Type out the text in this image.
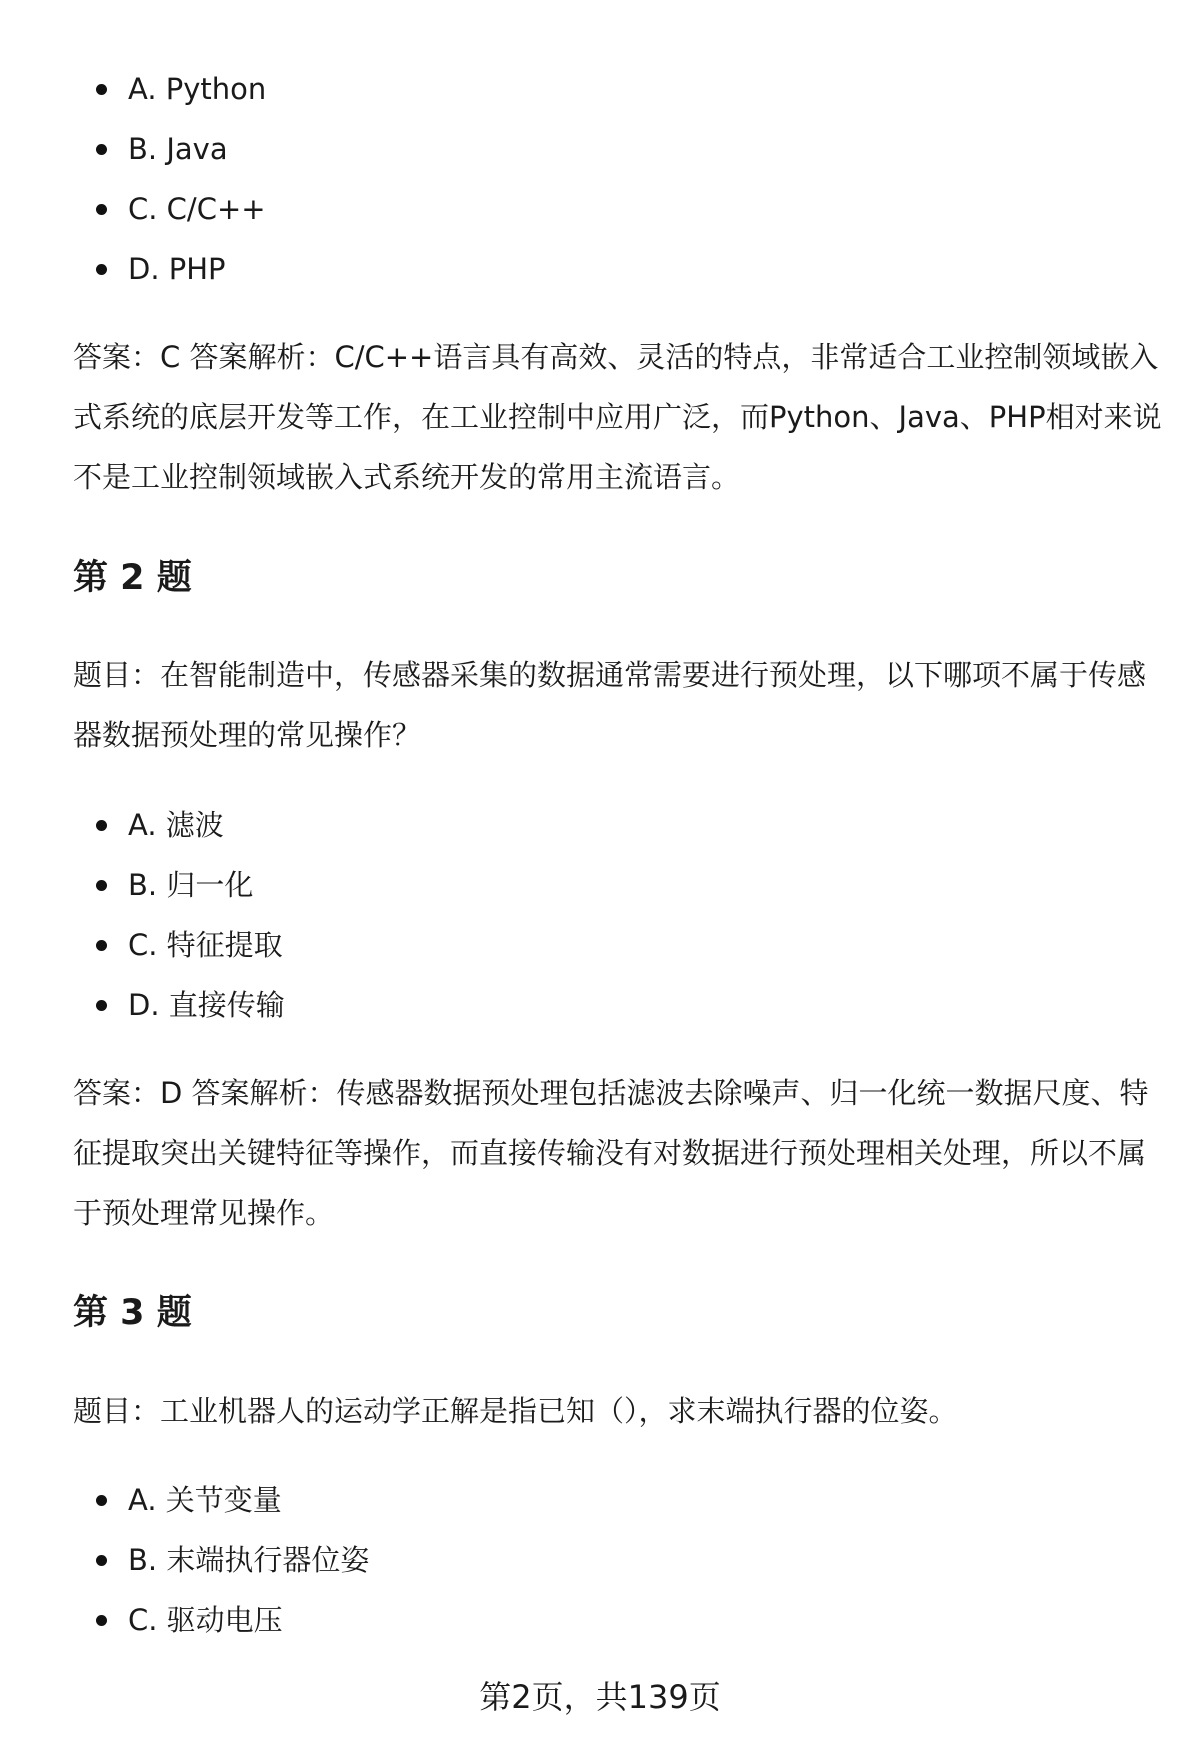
A. Python
B. Java
C. C/C++
D. PHP

答案：C 答案解析：C/C++语言具有高效、灵活的特点，非常适合工业控制领域嵌入式系统的底层开发等工作，在工业控制中应用广泛，而Python、Java、PHP相对来说不是工业控制领域嵌入式系统开发的常用主流语言。

第 2 题

题目：在智能制造中，传感器采集的数据通常需要进行预处理，以下哪项不属于传感器数据预处理的常见操作？

A. 滤波
B. 归一化
C. 特征提取
D. 直接传输

答案：D 答案解析：传感器数据预处理包括滤波去除噪声、归一化统一数据尺度、特征提取突出关键特征等操作，而直接传输没有对数据进行预处理相关处理，所以不属于预处理常见操作。

第 3 题

题目：工业机器人的运动学正解是指已知（），求末端执行器的位姿。

A. 关节变量
B. 末端执行器位姿
C. 驱动电压
第2页，共139页
